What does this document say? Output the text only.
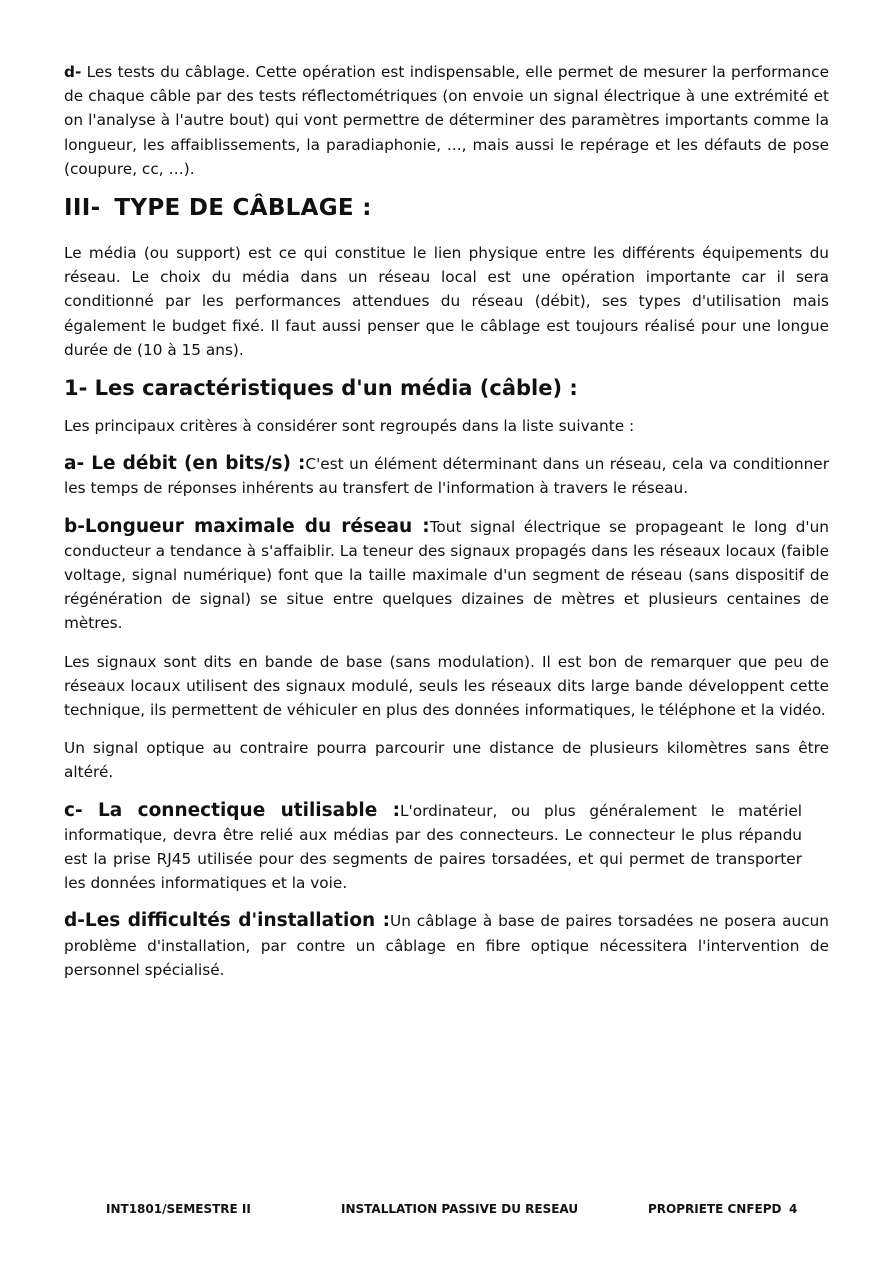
d- Les tests du câblage. Cette opération est indispensable, elle permet de mesurer la performance de chaque câble par des tests réflectométriques (on envoie un signal électrique à une extrémité et on l'analyse à l'autre bout) qui vont permettre de déterminer des paramètres importants comme la longueur, les affaiblissements, la paradiaphonie, ..., mais aussi le repérage et les défauts de pose (coupure, cc, …).

III- TYPE DE CÂBLAGE :

Le média (ou support) est ce qui constitue le lien physique entre les différents équipements du réseau. Le choix du média dans un réseau local est une opération importante car il sera conditionné par les performances attendues du réseau (débit), ses types d'utilisation mais également le budget fixé. Il faut aussi penser que le câblage est toujours réalisé pour une longue durée de (10 à 15 ans).

1- Les caractéristiques d'un média (câble) :

Les principaux critères à considérer sont regroupés dans la liste suivante :

a- Le débit (en bits/s) :C'est un élément déterminant dans un réseau, cela va conditionner les temps de réponses inhérents au transfert de l'information à travers le réseau.

b-Longueur maximale du réseau :Tout signal électrique se propageant le long d'un conducteur a tendance à s'affaiblir. La teneur des signaux propagés dans les réseaux locaux (faible voltage, signal numérique) font que la taille maximale d'un segment de réseau (sans dispositif de régénération de signal) se situe entre quelques dizaines de mètres et plusieurs centaines de mètres.

Les signaux sont dits en bande de base (sans modulation). Il est bon de remarquer que peu de réseaux locaux utilisent des signaux modulé, seuls les réseaux dits large bande développent cette technique, ils permettent de véhiculer en plus des données informatiques, le téléphone et la vidéo.

Un signal optique au contraire pourra parcourir une distance de plusieurs kilomètres sans être altéré.

c- La connectique utilisable :L'ordinateur, ou plus généralement le matériel informatique, devra être relié aux médias par des connecteurs. Le connecteur le plus répandu est la prise RJ45 utilisée pour des segments de paires torsadées, et qui permet de transporter les données informatiques et la voie.

d-Les difficultés d'installation :Un câblage à base de paires torsadées ne posera aucun problème d'installation, par contre un câblage en fibre optique nécessitera l'intervention de personnel spécialisé.

INT1801/SEMESTRE II	INSTALLATION PASSIVE DU RESEAU	PROPRIETE CNFEPD 4
